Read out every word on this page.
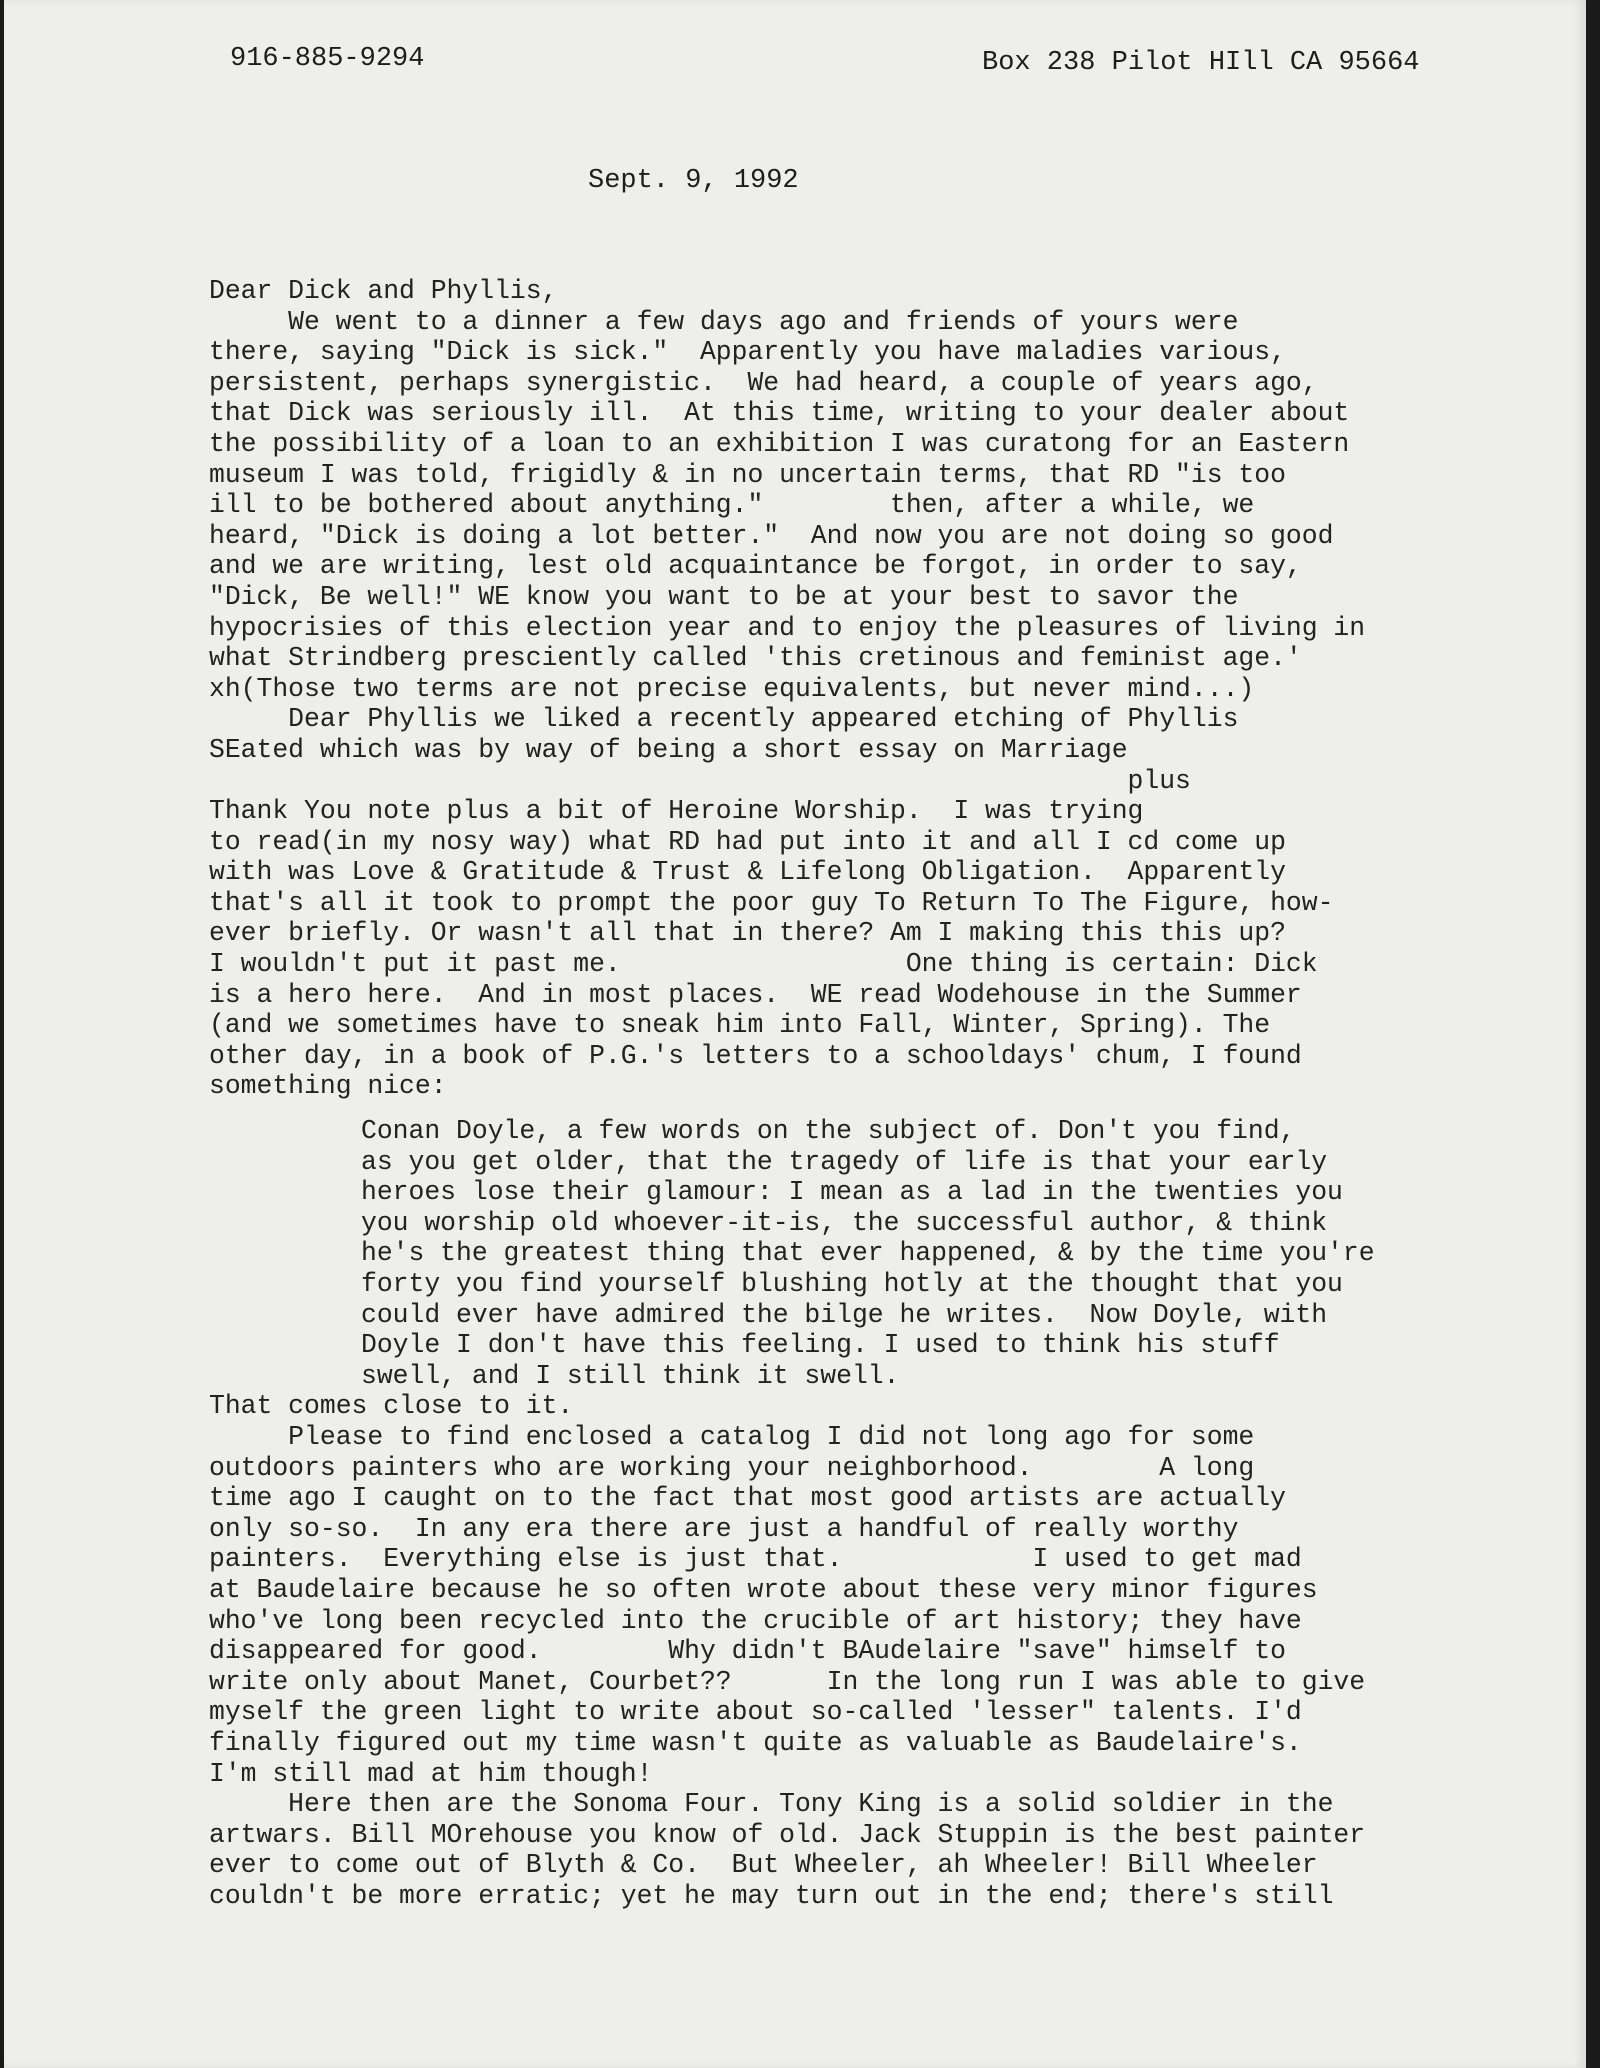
916-885-9294	Box 238 Pilot HIll CA 95664
Sept. 9, 1992
Dear Dick and Phyllis,
We went to a dinner a few days ago and friends of yours were
there, saying "Dick is sick."  Apparently you have maladies various,
persistent, perhaps synergistic.  We had heard, a couple of years ago,
that Dick was seriously ill.  At this time, writing to your dealer about
the possibility of a loan to an exhibition I was curatong for an Eastern
museum I was told, frigidly & in no uncertain terms, that RD "is too
ill to be bothered about anything."        then, after a while, we
heard, "Dick is doing a lot better."  And now you are not doing so good
and we are writing, lest old acquaintance be forgot, in order to say,
"Dick, Be well!" WE know you want to be at your best to savor the
hypocrisies of this election year and to enjoy the pleasures of living in
what Strindberg presciently called 'this cretinous and feminist age.'
xh(Those two terms are not precise equivalents, but never mind...)
Dear Phyllis we liked a recently appeared etching of Phyllis
SEated which was by way of being a short essay on Marriage
plus
Thank You note plus a bit of Heroine Worship.  I was trying
to read(in my nosy way) what RD had put into it and all I cd come up
with was Love & Gratitude & Trust & Lifelong Obligation.  Apparently
that's all it took to prompt the poor guy To Return To The Figure, how-
ever briefly. Or wasn't all that in there? Am I making this this up?
I wouldn't put it past me.                  One thing is certain: Dick
is a hero here.  And in most places.  WE read Wodehouse in the Summer
(and we sometimes have to sneak him into Fall, Winter, Spring). The
other day, in a book of P.G.'s letters to a schooldays' chum, I found
something nice:
Conan Doyle, a few words on the subject of. Don't you find,
as you get older, that the tragedy of life is that your early
heroes lose their glamour: I mean as a lad in the twenties you
you worship old whoever-it-is, the successful author, & think
he's the greatest thing that ever happened, & by the time you're
forty you find yourself blushing hotly at the thought that you
could ever have admired the bilge he writes.  Now Doyle, with
Doyle I don't have this feeling. I used to think his stuff
swell, and I still think it swell.
That comes close to it.
Please to find enclosed a catalog I did not long ago for some
outdoors painters who are working your neighborhood.        A long
time ago I caught on to the fact that most good artists are actually
only so-so.  In any era there are just a handful of really worthy
painters.  Everything else is just that.            I used to get mad
at Baudelaire because he so often wrote about these very minor figures
who've long been recycled into the crucible of art history; they have
disappeared for good.        Why didn't BAudelaire "save" himself to
write only about Manet, Courbet??      In the long run I was able to give
myself the green light to write about so-called 'lesser" talents. I'd
finally figured out my time wasn't quite as valuable as Baudelaire's.
I'm still mad at him though!
Here then are the Sonoma Four. Tony King is a solid soldier in the
artwars. Bill MOrehouse you know of old. Jack Stuppin is the best painter
ever to come out of Blyth & Co.  But Wheeler, ah Wheeler! Bill Wheeler
couldn't be more erratic; yet he may turn out in the end; there's still
